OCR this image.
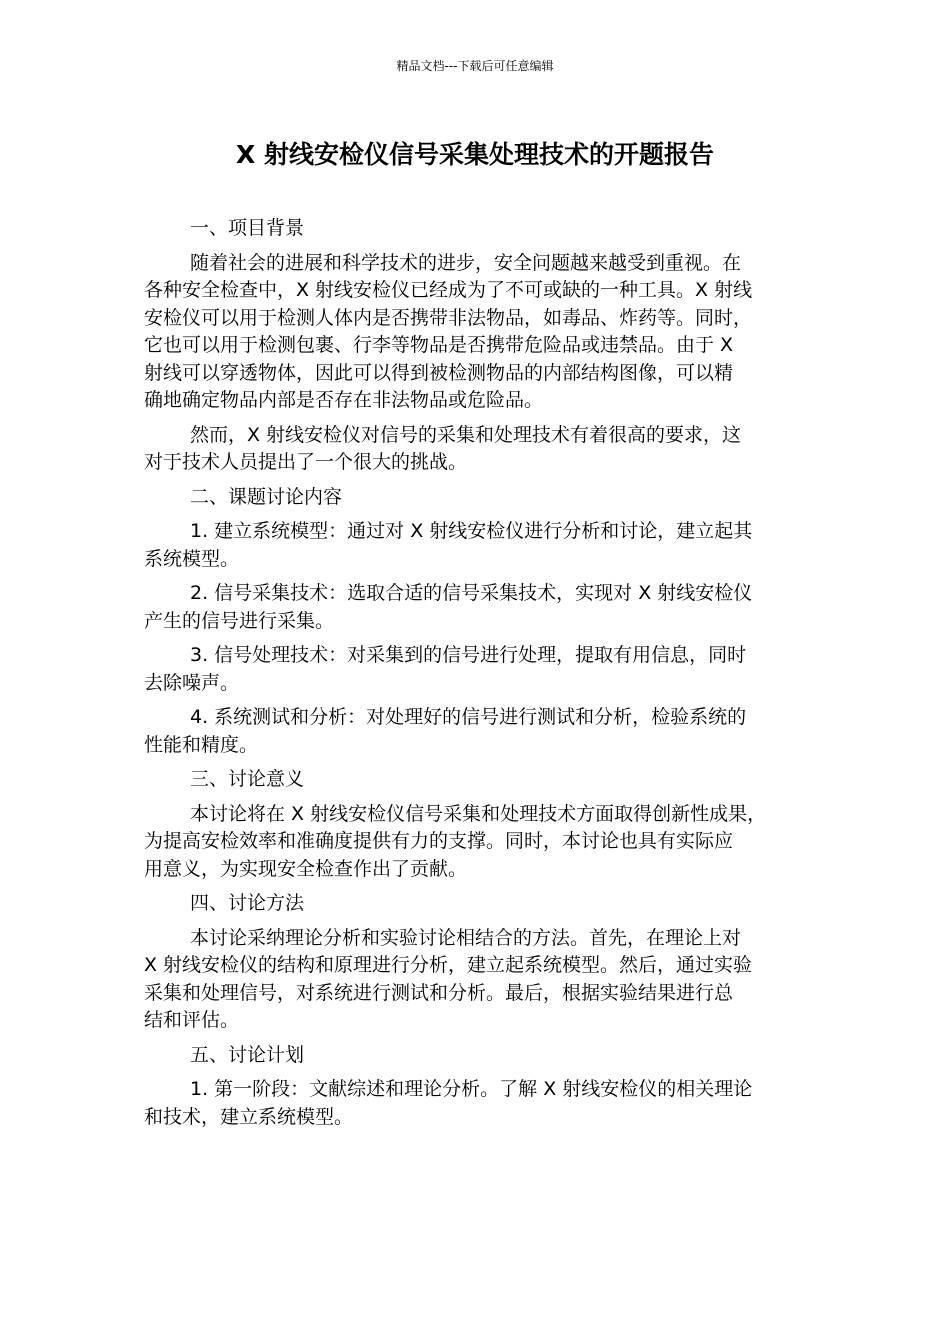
精品文档---下载后可任意编辑
X 射线安检仪信号采集处理技术的开题报告

一、项目背景

随着社会的进展和科学技术的进步，安全问题越来越受到重视。在
各种安全检查中，X 射线安检仪已经成为了不可或缺的一种工具。X 射线
安检仪可以用于检测人体内是否携带非法物品，如毒品、炸药等。同时，
它也可以用于检测包裹、行李等物品是否携带危险品或违禁品。由于 X
射线可以穿透物体，因此可以得到被检测物品的内部结构图像，可以精
确地确定物品内部是否存在非法物品或危险品。

然而，X 射线安检仪对信号的采集和处理技术有着很高的要求，这
对于技术人员提出了一个很大的挑战。

二、课题讨论内容

1. 建立系统模型：通过对 X 射线安检仪进行分析和讨论，建立起其
系统模型。

2. 信号采集技术：选取合适的信号采集技术，实现对 X 射线安检仪
产生的信号进行采集。

3. 信号处理技术：对采集到的信号进行处理，提取有用信息，同时
去除噪声。

4. 系统测试和分析：对处理好的信号进行测试和分析，检验系统的
性能和精度。

三、讨论意义

本讨论将在 X 射线安检仪信号采集和处理技术方面取得创新性成果，
为提高安检效率和准确度提供有力的支撑。同时，本讨论也具有实际应
用意义，为实现安全检查作出了贡献。

四、讨论方法

本讨论采纳理论分析和实验讨论相结合的方法。首先，在理论上对
X 射线安检仪的结构和原理进行分析，建立起系统模型。然后，通过实验
采集和处理信号，对系统进行测试和分析。最后，根据实验结果进行总
结和评估。

五、讨论计划

1. 第一阶段：文献综述和理论分析。了解 X 射线安检仪的相关理论
和技术，建立系统模型。
